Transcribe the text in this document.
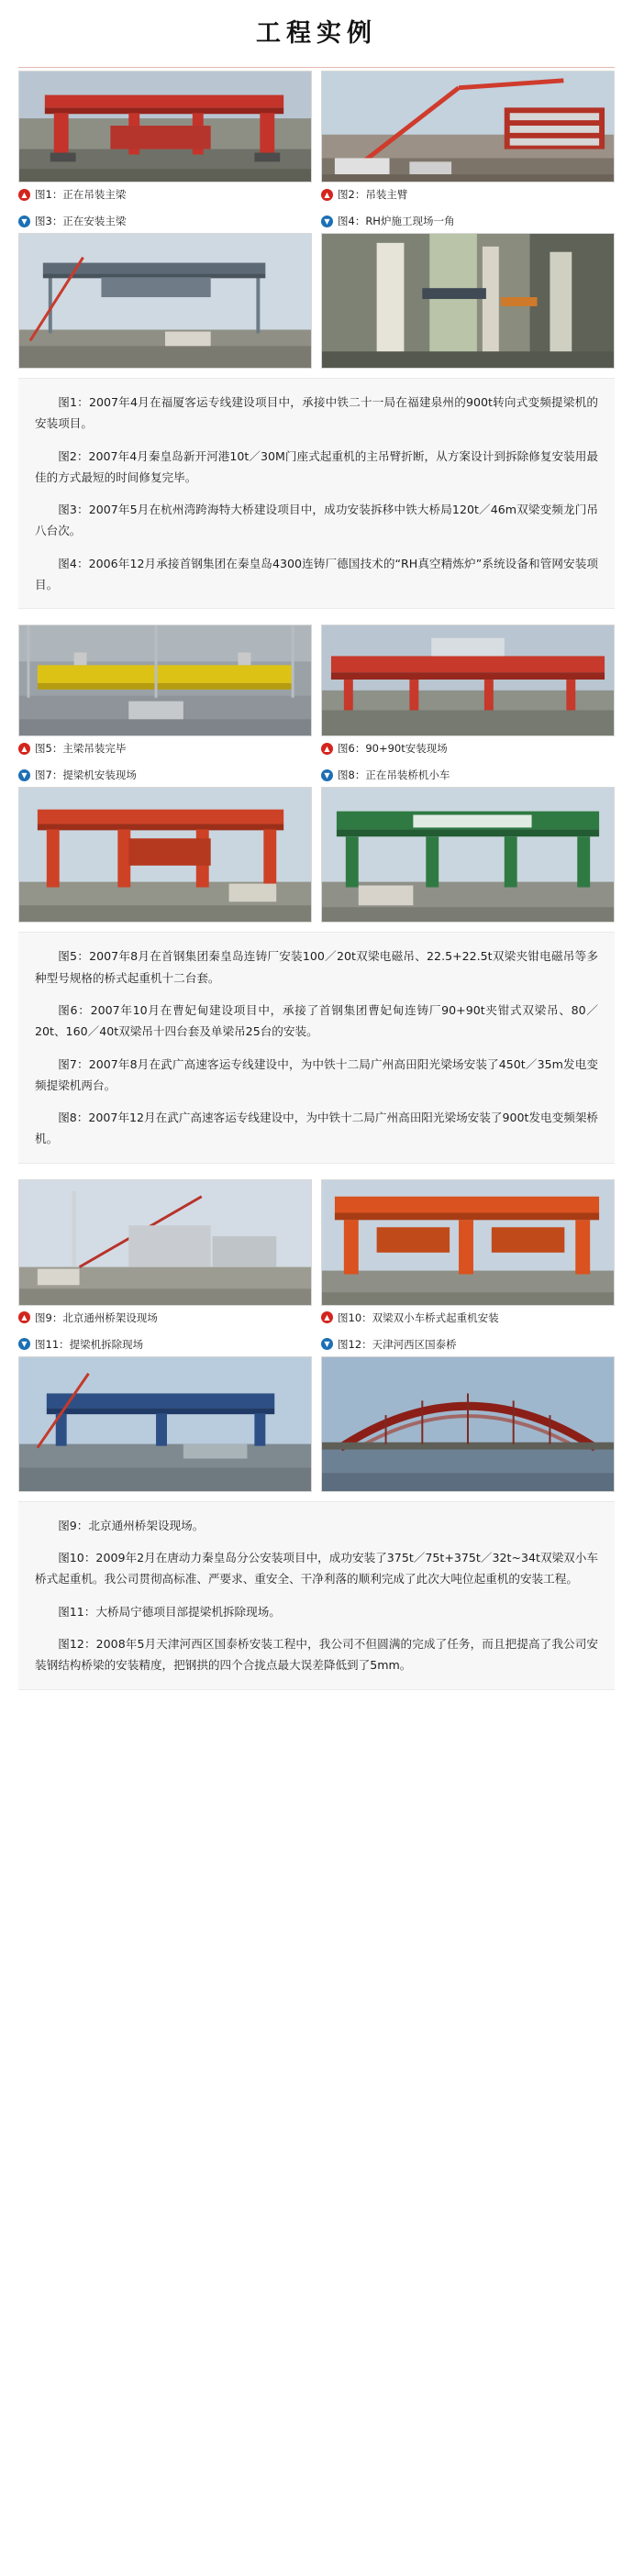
工程实例
▲ 图1：正在吊装主梁	▲ 图2：吊装主臂
▼ 图3：正在安装主梁	▼ 图4：RH炉施工现场一角

图1：2007年4月在福厦客运专线建设项目中，承接中铁二十一局在福建泉州的900t转向式变频提梁机的安装项目。

图2：2007年4月秦皇岛新开河港10t／30M门座式起重机的主吊臂折断，从方案设计到拆除修复安装用最佳的方式最短的时间修复完毕。

图3：2007年5月在杭州湾跨海特大桥建设项目中，成功安装拆移中铁大桥局120t／46m双梁变频龙门吊八台次。

图4：2006年12月承接首钢集团在秦皇岛4300连铸厂德国技术的“RH真空精炼炉”系统设备和管网安装项目。

▲ 图5：主梁吊装完毕	▲ 图6：90+90t安装现场
▼ 图7：提梁机安装现场	▼ 图8：正在吊装桥机小车

图5：2007年8月在首钢集团秦皇岛连铸厂安装100／20t双梁电磁吊、22.5+22.5t双梁夹钳电磁吊等多种型号规格的桥式起重机十二台套。

图6：2007年10月在曹妃甸建设项目中，承接了首钢集团曹妃甸连铸厂90+90t夹钳式双梁吊、80／20t、160／40t双梁吊十四台套及单梁吊25台的安装。

图7：2007年8月在武广高速客运专线建设中，为中铁十二局广州高田阳光梁场安装了450t／35m发电变频提梁机两台。

图8：2007年12月在武广高速客运专线建设中，为中铁十二局广州高田阳光梁场安装了900t发电变频架桥机。

▲ 图9：北京通州桥架设现场	▲ 图10：双梁双小车桥式起重机安装
▼ 图11：提梁机拆除现场	▼ 图12：天津河西区国泰桥

图9：北京通州桥架设现场。

图10：2009年2月在唐动力秦皇岛分公安装项目中，成功安装了375t／75t+375t／32t~34t双梁双小车桥式起重机。我公司贯彻高标准、严要求、重安全、干净利落的顺利完成了此次大吨位起重机的安装工程。

图11：大桥局宁德项目部提梁机拆除现场。

图12：2008年5月天津河西区国泰桥安装工程中，我公司不但圆满的完成了任务，而且把提高了我公司安装钢结构桥梁的安装精度，把钢拱的四个合拢点最大误差降低到了5mm。
